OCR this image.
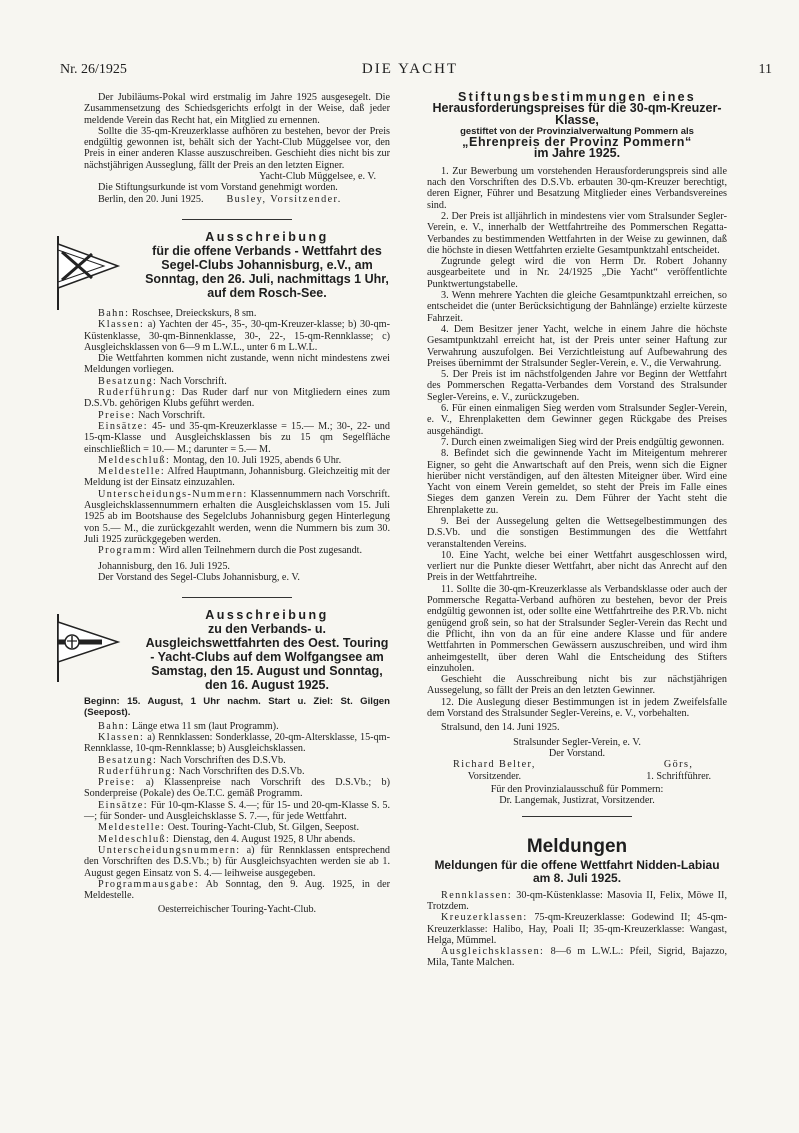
Nr. 26/1925	DIE YACHT	11

Der Jubiläums-Pokal wird erstmalig im Jahre 1925 ausgesegelt. Die Zusammensetzung des Schiedsgerichts erfolgt in der Weise, daß jeder meldende Verein das Recht hat, ein Mitglied zu ernennen.

Sollte die 35-qm-Kreuzerklasse aufhören zu bestehen, bevor der Preis endgültig gewonnen ist, behält sich der Yacht-Club Müggelsee vor, den Preis in einer anderen Klasse auszuschreiben. Geschieht dies nicht bis zur nächstjährigen Ausseglung, fällt der Preis an den letzten Eigner.

Yacht-Club Müggelsee, e. V.

Die Stiftungsurkunde ist vom Vorstand genehmigt worden.

Berlin, den 20. Juni 1925. Busley, Vorsitzender.

Ausschreibung
für die offene Verbands - Wettfahrt des Segel-Clubs Johannisburg, e.V., am Sonntag, den 26. Juli, nachmittags 1 Uhr, auf dem Rosch-See.

Bahn: Roschsee, Dreieckskurs, 8 sm.

Klassen: a) Yachten der 45-, 35-, 30-qm-Kreuzer-klasse; b) 30-qm-Küstenklasse, 30-qm-Binnenklasse, 30-, 22-, 15-qm-Rennklasse; c) Ausgleichsklassen von 6—9 m L.W.L., unter 6 m L.W.L.

Die Wettfahrten kommen nicht zustande, wenn nicht mindestens zwei Meldungen vorliegen.

Besatzung: Nach Vorschrift.

Ruderführung: Das Ruder darf nur von Mitgliedern eines zum D.S.Vb. gehörigen Klubs geführt werden.

Preise: Nach Vorschrift.

Einsätze: 45- und 35-qm-Kreuzerklasse = 15.— M.; 30-, 22- und 15-qm-Klasse und Ausgleichsklassen bis zu 15 qm Segelfläche einschließlich = 10.— M.; darunter = 5.— M.

Meldeschluß: Montag, den 10. Juli 1925, abends 6 Uhr.

Meldestelle: Alfred Hauptmann, Johannisburg. Gleichzeitig mit der Meldung ist der Einsatz einzuzahlen.

Unterscheidungs-Nummern: Klassennummern nach Vorschrift. Ausgleichsklassennummern erhalten die Ausgleichsklassen vom 15. Juli 1925 ab im Bootshause des Segelclubs Johannisburg gegen Hinterlegung von 5.— M., die zurückgezahlt werden, wenn die Nummern bis zum 30. Juli 1925 zurückgegeben werden.

Programm: Wird allen Teilnehmern durch die Post zugesandt.

Johannisburg, den 16. Juli 1925.

Der Vorstand des Segel-Clubs Johannisburg, e. V.

Ausschreibung
zu den Verbands- u. Ausgleichswettfahrten des Oest. Touring - Yacht-Clubs auf dem Wolfgangsee am Samstag, den 15. August und Sonntag, den 16. August 1925.

Beginn: 15. August, 1 Uhr nachm. Start u. Ziel: St. Gilgen (Seepost).

Bahn: Länge etwa 11 sm (laut Programm).

Klassen: a) Rennklassen: Sonderklasse, 20-qm-Altersklasse, 15-qm-Rennklasse, 10-qm-Rennklasse; b) Ausgleichsklassen.

Besatzung: Nach Vorschriften des D.S.Vb.

Ruderführung: Nach Vorschriften des D.S.Vb.

Preise: a) Klassenpreise nach Vorschrift des D.S.Vb.; b) Sonderpreise (Pokale) des Oe.T.C. gemäß Programm.

Einsätze: Für 10-qm-Klasse S. 4.—; für 15- und 20-qm-Klasse S. 5.—; für Sonder- und Ausgleichsklasse S. 7.—, für jede Wettfahrt.

Meldestelle: Oest. Touring-Yacht-Club, St. Gilgen, Seepost.

Meldeschluß: Dienstag, den 4. August 1925, 8 Uhr abends.

Unterscheidungsnummern: a) für Rennklassen entsprechend den Vorschriften des D.S.Vb.; b) für Ausgleichsyachten werden sie ab 1. August gegen Einsatz von S. 4.— leihweise ausgegeben.

Programmausgabe: Ab Sonntag, den 9. Aug. 1925, in der Meldestelle.

Oesterreichischer Touring-Yacht-Club.

Stiftungsbestimmungen eines
Herausforderungspreises für die 30-qm-Kreuzer-Klasse,
gestiftet von der Provinzialverwaltung Pommern als
„Ehrenpreis der Provinz Pommern“
im Jahre 1925.

1. Zur Bewerbung um vorstehenden Herausforderungspreis sind alle nach den Vorschriften des D.S.Vb. erbauten 30-qm-Kreuzer berechtigt, deren Eigner, Führer und Besatzung Mitglieder eines Verbandsvereines sind.

2. Der Preis ist alljährlich in mindestens vier vom Stralsunder Segler-Verein, e. V., innerhalb der Wettfahrtreihe des Pommerschen Regatta-Verbandes zu bestimmenden Wettfahrten in der Weise zu gewinnen, daß die höchste in diesen Wettfahrten erzielte Gesamtpunktzahl entscheidet.

Zugrunde gelegt wird die von Herrn Dr. Robert Johanny ausgearbeitete und in Nr. 24/1925 „Die Yacht“ veröffentlichte Punktwertungstabelle.

3. Wenn mehrere Yachten die gleiche Gesamtpunktzahl erreichen, so entscheidet die (unter Berücksichtigung der Bahnlänge) erzielte kürzeste Fahrzeit.

4. Dem Besitzer jener Yacht, welche in einem Jahre die höchste Gesamtpunktzahl erreicht hat, ist der Preis unter seiner Haftung zur Verwahrung auszufolgen. Bei Verzichtleistung auf Aufbewahrung des Preises übernimmt der Stralsunder Segler-Verein, e. V., die Verwahrung.

5. Der Preis ist im nächstfolgenden Jahre vor Beginn der Wettfahrt des Pommerschen Regatta-Verbandes dem Vorstand des Stralsunder Segler-Vereins, e. V., zurückzugeben.

6. Für einen einmaligen Sieg werden vom Stralsunder Segler-Verein, e. V., Ehrenplaketten dem Gewinner gegen Rückgabe des Preises ausgehändigt.

7. Durch einen zweimaligen Sieg wird der Preis endgültig gewonnen.

8. Befindet sich die gewinnende Yacht im Miteigentum mehrerer Eigner, so geht die Anwartschaft auf den Preis, wenn sich die Eigner hierüber nicht verständigen, auf den ältesten Miteigner über. Wird eine Yacht von einem Verein gemeldet, so steht der Preis im Falle eines Sieges dem ganzen Verein zu. Dem Führer der Yacht steht die Ehrenplakette zu.

9. Bei der Aussegelung gelten die Wettsegelbestimmungen des D.S.Vb. und die sonstigen Bestimmungen des die Wettfahrt veranstaltenden Vereins.

10. Eine Yacht, welche bei einer Wettfahrt ausgeschlossen wird, verliert nur die Punkte dieser Wettfahrt, aber nicht das Anrecht auf den Preis in der Wettfahrtreihe.

11. Sollte die 30-qm-Kreuzerklasse als Verbandsklasse oder auch der Pommersche Regatta-Verband aufhören zu bestehen, bevor der Preis endgültig gewonnen ist, oder sollte eine Wettfahrtreihe des P.R.Vb. nicht genügend groß sein, so hat der Stralsunder Segler-Verein das Recht und die Pflicht, ihn von da an für eine andere Klasse und für andere Wettfahrten in Pommerschen Gewässern auszuschreiben, und wird ihm anheimgestellt, über deren Wahl die Entscheidung des Stifters einzuholen.

Geschieht die Ausschreibung nicht bis zur nächstjährigen Aussegelung, so fällt der Preis an den letzten Gewinner.

12. Die Auslegung dieser Bestimmungen ist in jedem Zweifelsfalle dem Vorstand des Stralsunder Segler-Vereins, e. V., vorbehalten.

Stralsund, den 14. Juni 1925.

Stralsunder Segler-Verein, e. V.

Der Vorstand.

Richard Belter,
Vorsitzender.
Görs,
1. Schriftführer.

Für den Provinzialausschuß für Pommern:

Dr. Langemak, Justizrat, Vorsitzender.

Meldungen
Meldungen für die offene Wettfahrt Nidden-Labiau am 8. Juli 1925.

Rennklassen: 30-qm-Küstenklasse: Masovia II, Felix, Möwe II, Trotzdem.

Kreuzerklassen: 75-qm-Kreuzerklasse: Godewind II; 45-qm-Kreuzerklasse: Halibo, Hay, Poali II; 35-qm-Kreuzerklasse: Wangast, Helga, Mümmel.

Ausgleichsklassen: 8—6 m L.W.L.: Pfeil, Sigrid, Bajazzo, Mila, Tante Malchen.
